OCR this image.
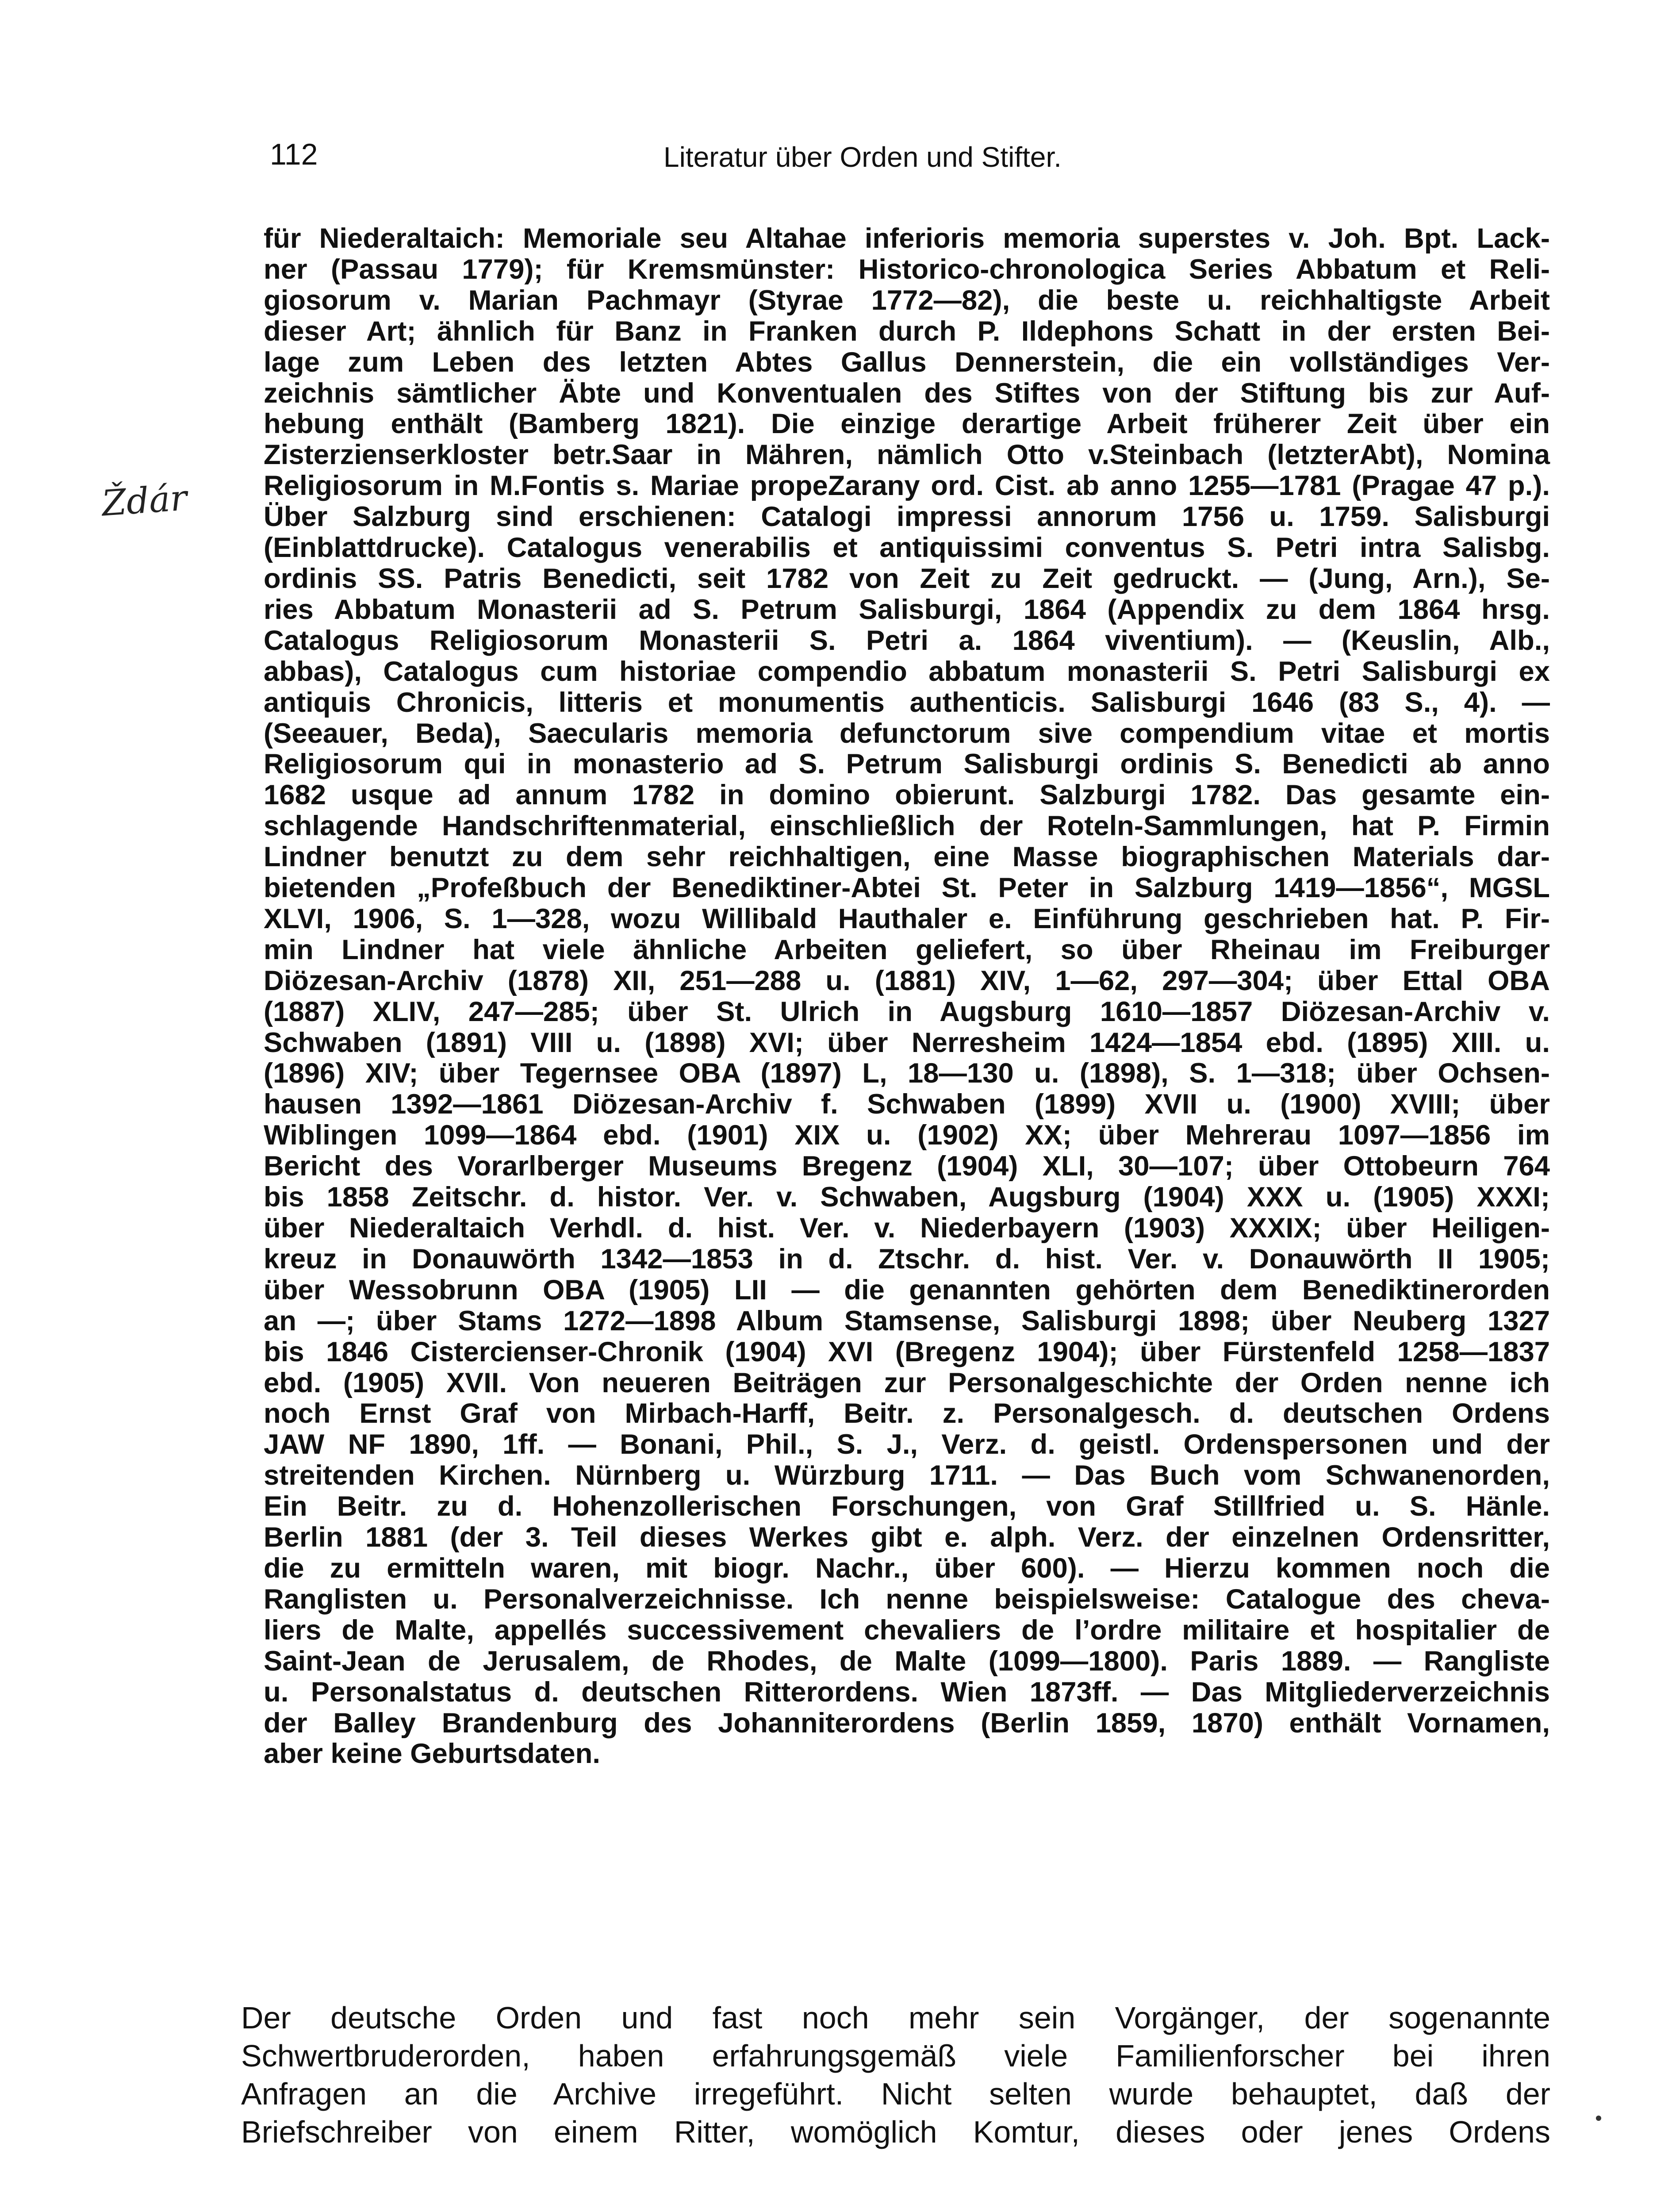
112	Literatur über Orden und Stifter.
Ždár
für Niederaltaich: Memoriale seu Altahae inferioris memoria superstes v. Joh. Bpt. Lack-
ner (Passau 1779); für Kremsmünster: Historico-chronologica Series Abbatum et Reli-
giosorum v. Marian Pachmayr (Styrae 1772—82), die beste u. reichhaltigste Arbeit
dieser Art; ähnlich für Banz in Franken durch P. Ildephons Schatt in der ersten Bei-
lage zum Leben des letzten Abtes Gallus Dennerstein, die ein vollständiges Ver-
zeichnis sämtlicher Äbte und Konventualen des Stiftes von der Stiftung bis zur Auf-
hebung enthält (Bamberg 1821). Die einzige derartige Arbeit früherer Zeit über ein
Zisterzienserkloster betr.Saar in Mähren, nämlich Otto v.Steinbach (letzterAbt), Nomina
Religiosorum in M.Fontis s. Mariae propeZarany ord. Cist. ab anno 1255—1781 (Pragae 47 p.).
Über Salzburg sind erschienen: Catalogi impressi annorum 1756 u. 1759. Salisburgi
(Einblattdrucke). Catalogus venerabilis et antiquissimi conventus S. Petri intra Salisbg.
ordinis SS. Patris Benedicti, seit 1782 von Zeit zu Zeit gedruckt. — (Jung, Arn.), Se-
ries Abbatum Monasterii ad S. Petrum Salisburgi, 1864 (Appendix zu dem 1864 hrsg.
Catalogus Religiosorum Monasterii S. Petri a. 1864 viventium). — (Keuslin, Alb.,
abbas), Catalogus cum historiae compendio abbatum monasterii S. Petri Salisburgi ex
antiquis Chronicis, litteris et monumentis authenticis. Salisburgi 1646 (83 S., 4). —
(Seeauer, Beda), Saecularis memoria defunctorum sive compendium vitae et mortis
Religiosorum qui in monasterio ad S. Petrum Salisburgi ordinis S. Benedicti ab anno
1682 usque ad annum 1782 in domino obierunt. Salzburgi 1782. Das gesamte ein-
schlagende Handschriftenmaterial, einschließlich der Roteln-Sammlungen, hat P. Firmin
Lindner benutzt zu dem sehr reichhaltigen, eine Masse biographischen Materials dar-
bietenden „Profeßbuch der Benediktiner-Abtei St. Peter in Salzburg 1419—1856“, MGSL
XLVI, 1906, S. 1—328, wozu Willibald Hauthaler e. Einführung geschrieben hat. P. Fir-
min Lindner hat viele ähnliche Arbeiten geliefert, so über Rheinau im Freiburger
Diözesan-Archiv (1878) XII, 251—288 u. (1881) XIV, 1—62, 297—304; über Ettal OBA
(1887) XLIV, 247—285; über St. Ulrich in Augsburg 1610—1857 Diözesan-Archiv v.
Schwaben (1891) VIII u. (1898) XVI; über Nerresheim 1424—1854 ebd. (1895) XIII. u.
(1896) XIV; über Tegernsee OBA (1897) L, 18—130 u. (1898), S. 1—318; über Ochsen-
hausen 1392—1861 Diözesan-Archiv f. Schwaben (1899) XVII u. (1900) XVIII; über
Wiblingen 1099—1864 ebd. (1901) XIX u. (1902) XX; über Mehrerau 1097—1856 im
Bericht des Vorarlberger Museums Bregenz (1904) XLI, 30—107; über Ottobeurn 764
bis 1858 Zeitschr. d. histor. Ver. v. Schwaben, Augsburg (1904) XXX u. (1905) XXXI;
über Niederaltaich Verhdl. d. hist. Ver. v. Niederbayern (1903) XXXIX; über Heiligen-
kreuz in Donauwörth 1342—1853 in d. Ztschr. d. hist. Ver. v. Donauwörth II 1905;
über Wessobrunn OBA (1905) LII — die genannten gehörten dem Benediktinerorden
an —; über Stams 1272—1898 Album Stamsense, Salisburgi 1898; über Neuberg 1327
bis 1846 Cistercienser-Chronik (1904) XVI (Bregenz 1904); über Fürstenfeld 1258—1837
ebd. (1905) XVII. Von neueren Beiträgen zur Personalgeschichte der Orden nenne ich
noch Ernst Graf von Mirbach-Harff, Beitr. z. Personalgesch. d. deutschen Ordens
JAW NF 1890, 1ff. — Bonani, Phil., S. J., Verz. d. geistl. Ordenspersonen und der
streitenden Kirchen. Nürnberg u. Würzburg 1711. — Das Buch vom Schwanenorden,
Ein Beitr. zu d. Hohenzollerischen Forschungen, von Graf Stillfried u. S. Hänle.
Berlin 1881 (der 3. Teil dieses Werkes gibt e. alph. Verz. der einzelnen Ordensritter,
die zu ermitteln waren, mit biogr. Nachr., über 600). — Hierzu kommen noch die
Ranglisten u. Personalverzeichnisse. Ich nenne beispielsweise: Catalogue des cheva-
liers de Malte, appellés successivement chevaliers de l’ordre militaire et hospitalier de
Saint-Jean de Jerusalem, de Rhodes, de Malte (1099—1800). Paris 1889. — Rangliste
u. Personalstatus d. deutschen Ritterordens. Wien 1873ff. — Das Mitgliederverzeichnis
der Balley Brandenburg des Johanniterordens (Berlin 1859, 1870) enthält Vornamen,
aber keine Geburtsdaten.
Der deutsche Orden und fast noch mehr sein Vorgänger, der sogenannte
Schwertbruderorden, haben erfahrungsgemäß viele Familienforscher bei ihren
Anfragen an die Archive irregeführt. Nicht selten wurde behauptet, daß der
Briefschreiber von einem Ritter, womöglich Komtur, dieses oder jenes Ordens
